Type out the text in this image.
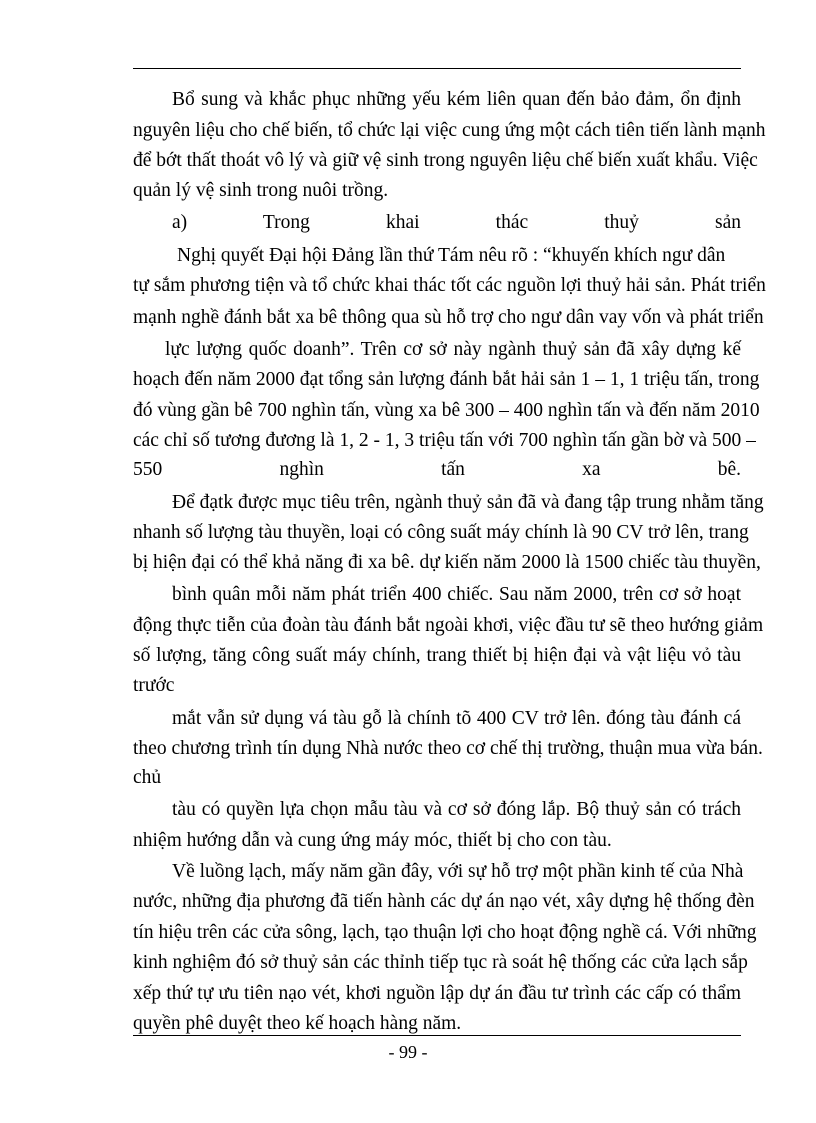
Bổ sung và khắc phục những yếu kém liên quan đến bảo đảm, ổn định
nguyên liệu cho chế biến, tổ chức lại việc cung ứng một cách tiên tiến lành mạnh
để bớt thất thoát vô lý và giữ vệ sinh trong nguyên liệu chế biến xuất khẩu. Việc
quản lý vệ sinh trong nuôi trồng.
a) Trong khai thác thuỷ sản
Nghị quyết Đại hội Đảng lần thứ Tám nêu rõ : “khuyến khích ngư dân
tự sắm phương tiện và tổ chức khai thác tốt các nguồn lợi thuỷ hải sản. Phát triển
mạnh nghề đánh bắt xa bê thông qua sù hỗ trợ cho ngư dân vay vốn và phát triển
lực lượng quốc doanh”. Trên cơ sở này ngành thuỷ sản đã xây dựng kế
hoạch đến năm 2000 đạt tổng sản lượng đánh bắt hải sản 1 – 1, 1 triệu tấn, trong
đó vùng gần bê 700 nghìn tấn, vùng xa bê 300 – 400 nghìn tấn và đến năm 2010
các chỉ số tương đương là 1, 2 - 1, 3 triệu tấn với 700 nghìn tấn gần bờ và 500 –
550 nghìn tấn xa bê.
Để đạtk được mục tiêu trên, ngành thuỷ sản đã và đang tập trung nhằm tăng
nhanh số lượng tàu thuyền, loại có công suất máy chính là 90 CV trở lên, trang
bị hiện đại có thể khả năng đi xa bê. dự kiến năm 2000 là 1500 chiếc tàu thuyền,
bình quân mỗi năm phát triển 400 chiếc. Sau năm 2000, trên cơ sở hoạt
động thực tiễn của đoàn tàu đánh bắt ngoài khơi, việc đầu tư sẽ theo hướng giảm
số lượng, tăng công suất máy chính, trang thiết bị hiện đại và vật liệu vỏ tàu
trước
mắt vẫn sử dụng vá tàu gỗ là chính tõ 400 CV trở lên. đóng tàu đánh cá
theo chương trình tín dụng Nhà nước theo cơ chế thị trường, thuận mua vừa bán.
chủ
tàu có quyền lựa chọn mẫu tàu và cơ sở đóng lắp. Bộ thuỷ sản có trách
nhiệm hướng dẫn và cung ứng máy móc, thiết bị cho con tàu.
Về luồng lạch, mấy năm gần đây, với sự hỗ trợ một phần kinh tế của Nhà
nước, những địa phương đã tiến hành các dự án nạo vét, xây dựng hệ thống đèn
tín hiệu trên các cửa sông, lạch, tạo thuận lợi cho hoạt động nghề cá. Với những
kinh nghiệm đó sở thuỷ sản các thỉnh tiếp tục rà soát hệ thống các cửa lạch sắp
xếp thứ tự ưu tiên nạo vét, khơi nguồn lập dự án đầu tư trình các cấp có thẩm
quyền phê duyệt theo kế hoạch hàng năm.
- 99 -
